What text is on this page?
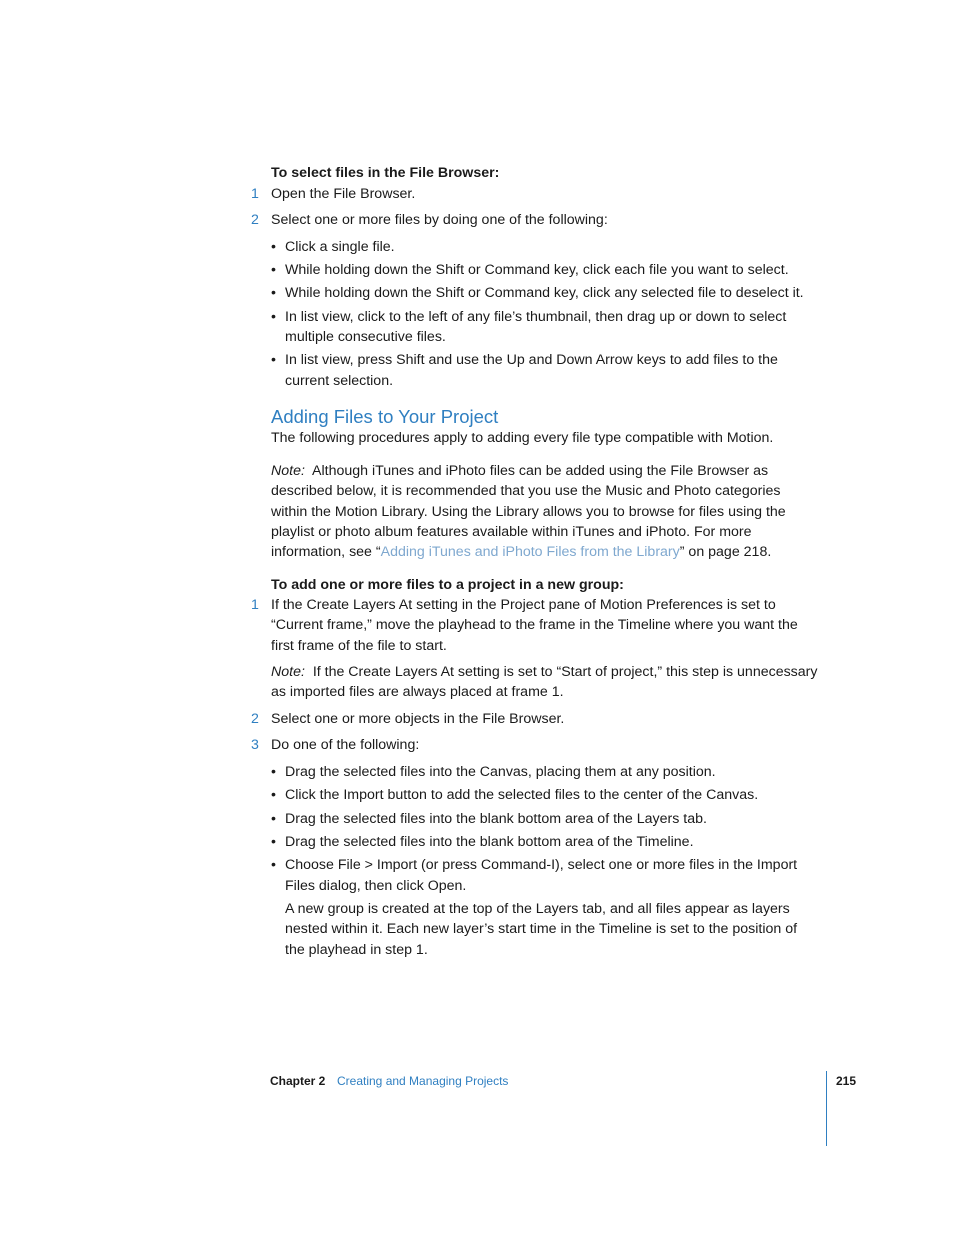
To select files in the File Browser:
1 Open the File Browser.
2 Select one or more files by doing one of the following:
• Click a single file.
• While holding down the Shift or Command key, click each file you want to select.
• While holding down the Shift or Command key, click any selected file to deselect it.
• In list view, click to the left of any file’s thumbnail, then drag up or down to select
multiple consecutive files.
• In list view, press Shift and use the Up and Down Arrow keys to add files to the
current selection.
Adding Files to Your Project
The following procedures apply to adding every file type compatible with Motion.
Note: Although iTunes and iPhoto files can be added using the File Browser as
described below, it is recommended that you use the Music and Photo categories
within the Motion Library. Using the Library allows you to browse for files using the
playlist or photo album features available within iTunes and iPhoto. For more
information, see “Adding iTunes and iPhoto Files from the Library” on page 218.
To add one or more files to a project in a new group:
1 If the Create Layers At setting in the Project pane of Motion Preferences is set to
“Current frame,” move the playhead to the frame in the Timeline where you want the
first frame of the file to start.
Note: If the Create Layers At setting is set to “Start of project,” this step is unnecessary
as imported files are always placed at frame 1.
2 Select one or more objects in the File Browser.
3 Do one of the following:
• Drag the selected files into the Canvas, placing them at any position.
• Click the Import button to add the selected files to the center of the Canvas.
• Drag the selected files into the blank bottom area of the Layers tab.
• Drag the selected files into the blank bottom area of the Timeline.
• Choose File > Import (or press Command-I), select one or more files in the Import
Files dialog, then click Open.
A new group is created at the top of the Layers tab, and all files appear as layers
nested within it. Each new layer’s start time in the Timeline is set to the position of
the playhead in step 1.
Chapter 2 Creating and Managing Projects	215
